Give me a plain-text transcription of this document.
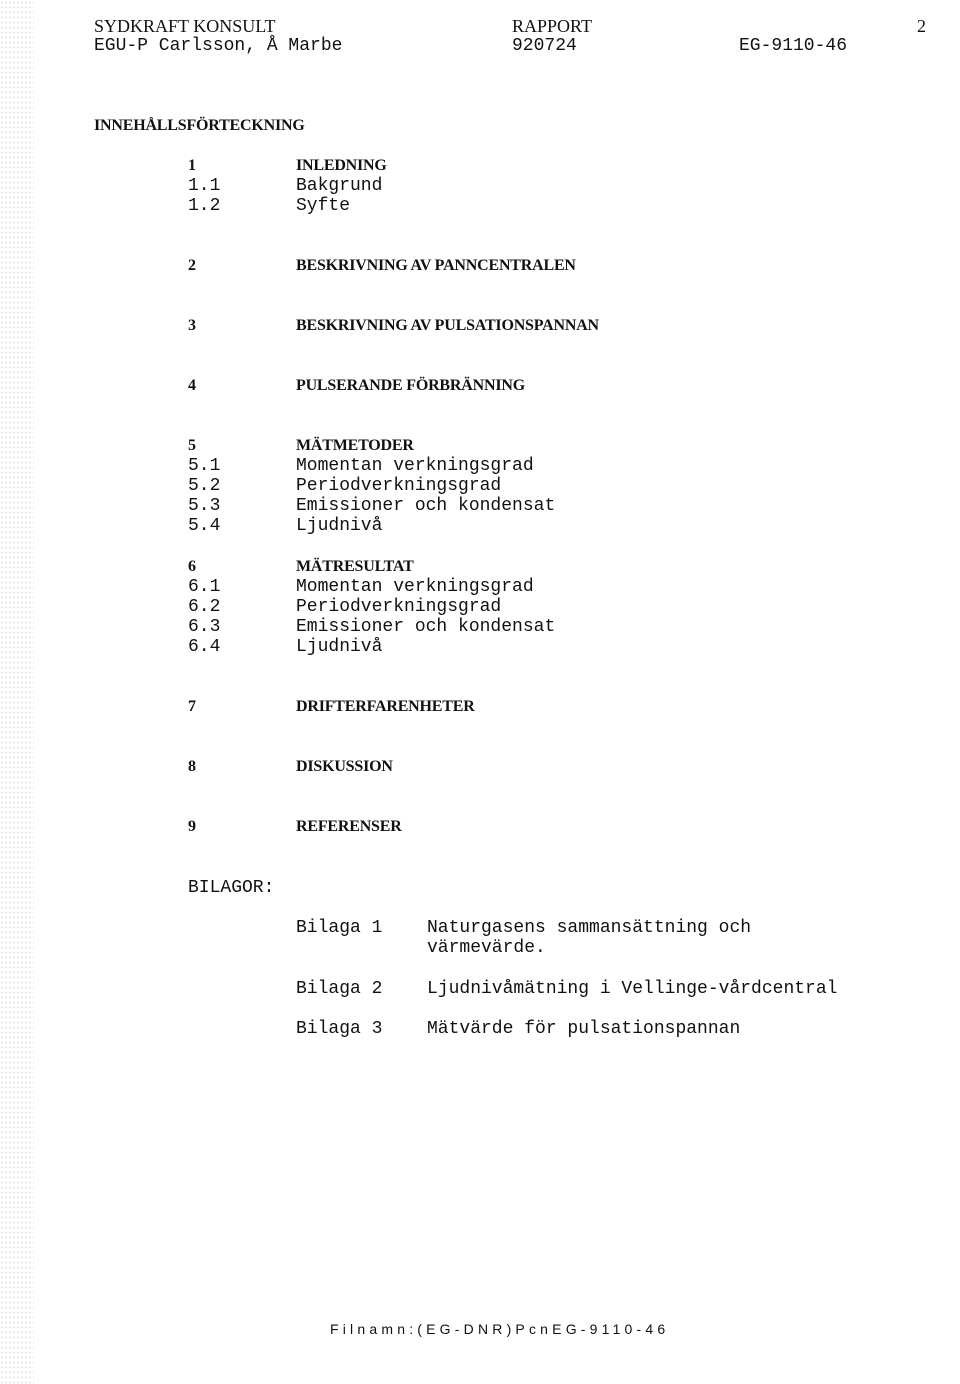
SYDKRAFT KONSULT
EGU-P Carlsson, Å Marbe
RAPPORT
920724	EG-9110-46
2
INNEHÅLLSFÖRTECKNING
1	INLEDNING
1.1	Bakgrund
1.2	Syfte
2	BESKRIVNING AV PANNCENTRALEN
3	BESKRIVNING AV PULSATIONSPANNAN
4	PULSERANDE FÖRBRÄNNING
5	MÄTMETODER
5.1	Momentan verkningsgrad
5.2	Periodverkningsgrad
5.3	Emissioner och kondensat
5.4	Ljudnivå
6	MÄTRESULTAT
6.1	Momentan verkningsgrad
6.2	Periodverkningsgrad
6.3	Emissioner och kondensat
6.4	Ljudnivå
7	DRIFTERFARENHETER
8	DISKUSSION
9	REFERENSER
BILAGOR:
Bilaga 1 Naturgasens sammansättning och
värmevärde.
Bilaga 2 Ljudnivåmätning i Vellinge-vårdcentral
Bilaga 3 Mätvärde för pulsationspannan
Filnamn:(EG-DNR)PcnEG-9110-46
